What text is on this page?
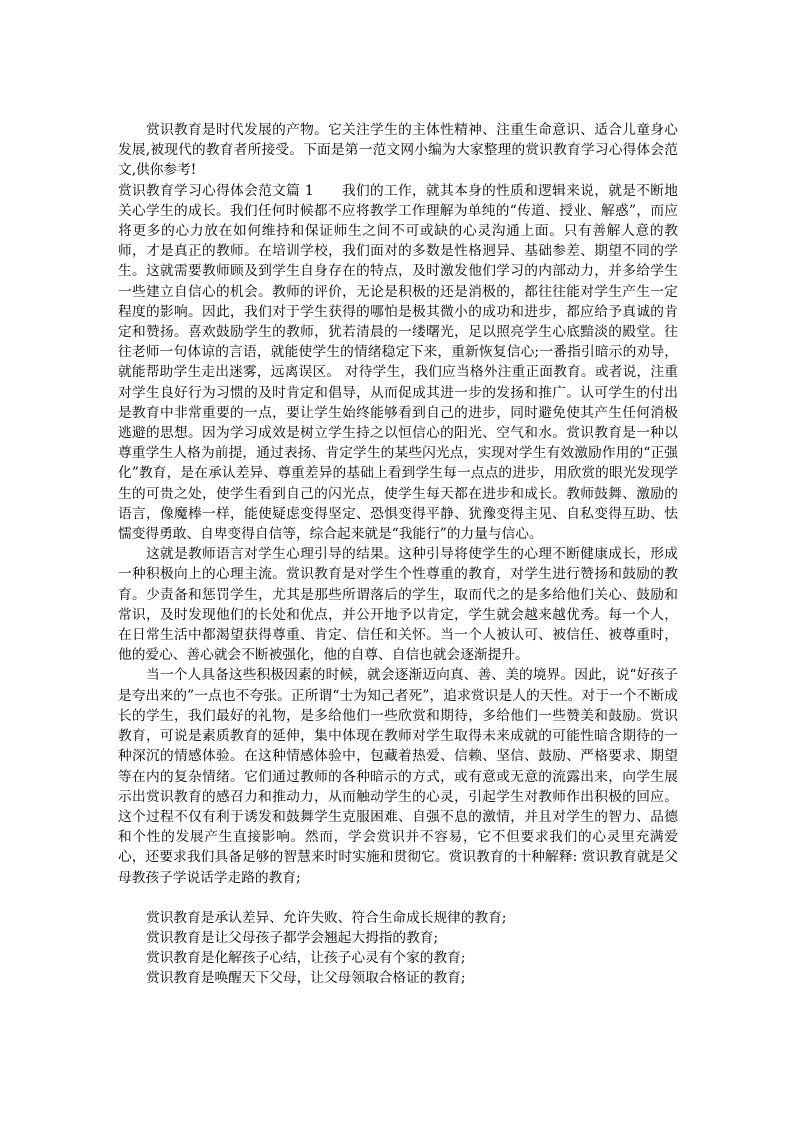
赏识教育是时代发展的产物。它关注学生的主体性精神、注重生命意识、适合儿童身心发展,被现代的教育者所接受。下面是第一范文网小编为大家整理的赏识教育学习心得体会范文,供你参考!

赏识教育学习心得体会范文篇 1　　我们的工作，就其本身的性质和逻辑来说，就是不断地关心学生的成长。我们任何时候都不应将教学工作理解为单纯的“传道、授业、解惑”，而应将更多的心力放在如何维持和保证师生之间不可或缺的心灵沟通上面。只有善解人意的教师，才是真正的教师。在培训学校，我们面对的多数是性格迥异、基础参差、期望不同的学生。这就需要教师顾及到学生自身存在的特点，及时激发他们学习的内部动力，并多给学生一些建立自信心的机会。教师的评价，无论是积极的还是消极的，都往往能对学生产生一定程度的影响。因此，我们对于学生获得的哪怕是极其微小的成功和进步，都应给予真诚的肯定和赞扬。喜欢鼓励学生的教师，犹若清晨的一缕曙光，足以照亮学生心底黯淡的殿堂。往往老师一句体谅的言语，就能使学生的情绪稳定下来，重新恢复信心;一番指引暗示的劝导，就能帮助学生走出迷雾，远离误区。 对待学生，我们应当格外注重正面教育。或者说，注重对学生良好行为习惯的及时肯定和倡导，从而促成其进一步的发扬和推广。认可学生的付出是教育中非常重要的一点，要让学生始终能够看到自己的进步，同时避免使其产生任何消极逃避的思想。因为学习成效是树立学生持之以恒信心的阳光、空气和水。赏识教育是一种以尊重学生人格为前提，通过表扬、肯定学生的某些闪光点，实现对学生有效激励作用的“正强化”教育，是在承认差异、尊重差异的基础上看到学生每一点点的进步，用欣赏的眼光发现学生的可贵之处，使学生看到自己的闪光点，使学生每天都在进步和成长。教师鼓舞、激励的语言，像魔棒一样，能使疑虑变得坚定、恐惧变得平静、犹豫变得主见、自私变得互助、怯懦变得勇敢、自卑变得自信等，综合起来就是“我能行”的力量与信心。

这就是教师语言对学生心理引导的结果。这种引导将使学生的心理不断健康成长，形成一种积极向上的心理主流。赏识教育是对学生个性尊重的教育，对学生进行赞扬和鼓励的教育。少责备和惩罚学生，尤其是那些所谓落后的学生，取而代之的是多给他们关心、鼓励和常识，及时发现他们的长处和优点，并公开地予以肯定，学生就会越来越优秀。每一个人，在日常生活中都渴望获得尊重、肯定、信任和关怀。当一个人被认可、被信任、被尊重时，他的爱心、善心就会不断被强化，他的自尊、自信也就会逐渐提升。

当一个人具备这些积极因素的时候，就会逐渐迈向真、善、美的境界。因此，说“好孩子是夸出来的”一点也不夸张。正所谓“士为知己者死”，追求赏识是人的天性。对于一个不断成长的学生，我们最好的礼物，是多给他们一些欣赏和期待，多给他们一些赞美和鼓励。赏识教育，可说是素质教育的延伸，集中体现在教师对学生取得未来成就的可能性暗含期待的一种深沉的情感体验。在这种情感体验中，包藏着热爱、信赖、坚信、鼓励、严格要求、期望等在内的复杂情绪。它们通过教师的各种暗示的方式，或有意或无意的流露出来，向学生展示出赏识教育的感召力和推动力，从而触动学生的心灵，引起学生对教师作出积极的回应。这个过程不仅有利于诱发和鼓舞学生克服困难、自强不息的激情，并且对学生的智力、品德和个性的发展产生直接影响。然而，学会赏识并不容易，它不但要求我们的心灵里充满爱心，还要求我们具备足够的智慧来时时实施和贯彻它。赏识教育的十种解释: 赏识教育就是父母教孩子学说话学走路的教育;

赏识教育是承认差异、允许失败、符合生命成长规律的教育;

赏识教育是让父母孩子都学会翘起大拇指的教育;

赏识教育是化解孩子心结，让孩子心灵有个家的教育;

赏识教育是唤醒天下父母，让父母领取合格证的教育;
